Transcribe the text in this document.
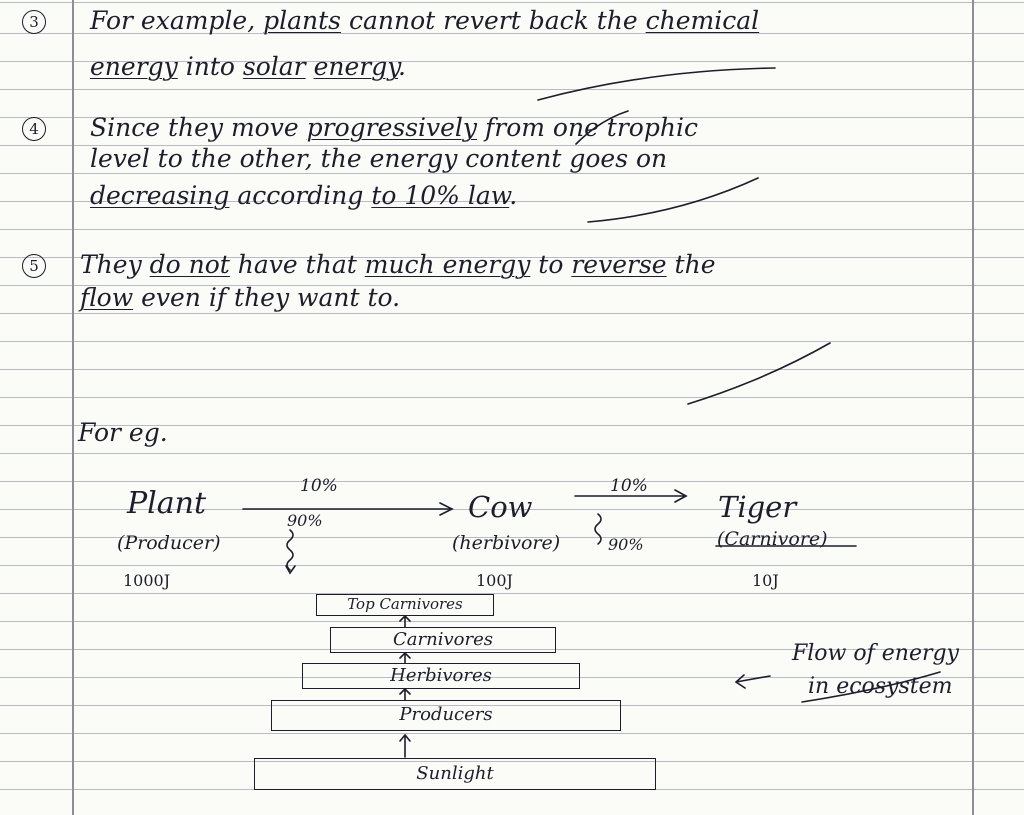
3 For example, plants cannot revert back the chemical
energy into solar energy.
4 Since they move progressively from one trophic
level to the other, the energy content goes on
decreasing according to 10% law.
5 They do not have that much energy to reverse the
flow even if they want to.
For eg.
Plant
(Producer)
1000J
10%
90%	Cow
(herbivore)
100J
10%
90%
Tiger
(Carnivore)
10J
Top Carnivores
Carnivores
Herbivores
Producers
Sunlight
Flow of energy
in ecosystem
